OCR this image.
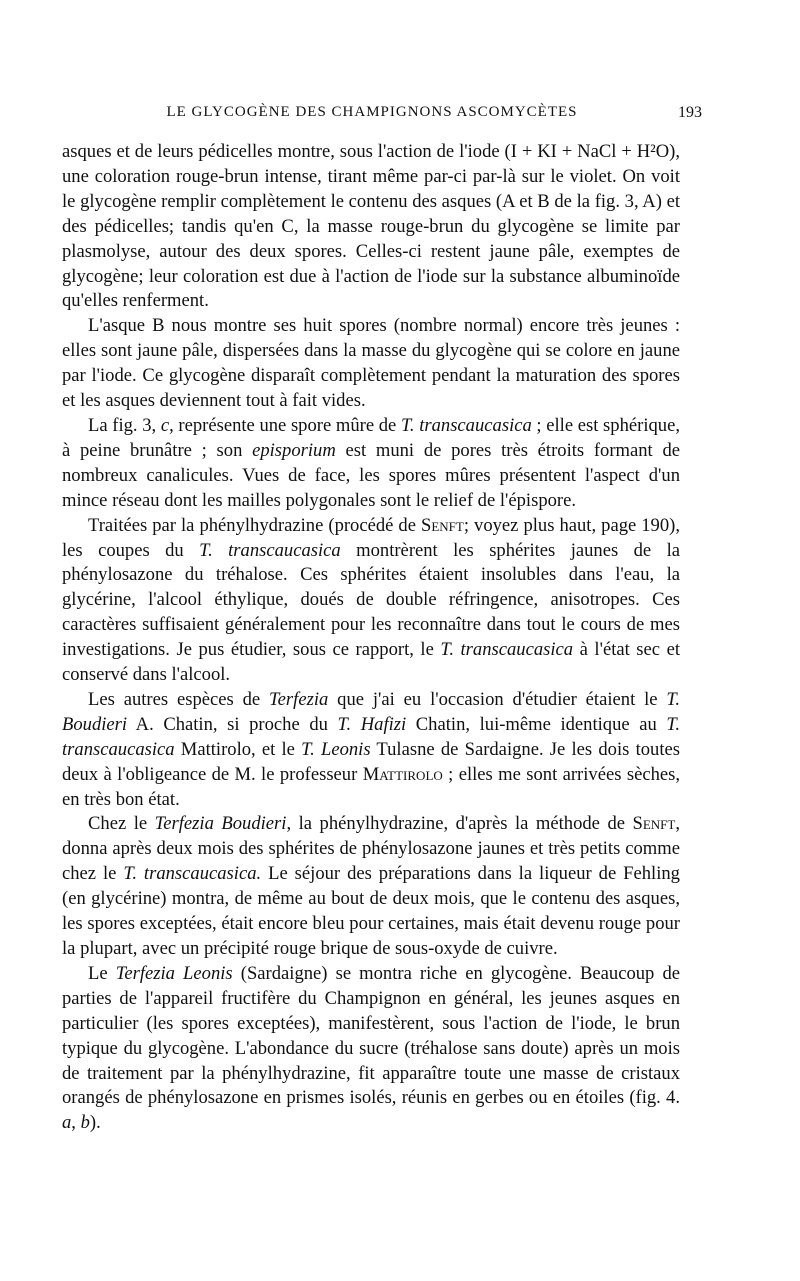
LE GLYCOGÈNE DES CHAMPIGNONS ASCOMYCÈTES	193

asques et de leurs pédicelles montre, sous l'action de l'iode (I + KI + NaCl + H²O), une coloration rouge-brun intense, tirant même par-ci par-là sur le violet. On voit le glycogène remplir complètement le contenu des asques (A et B de la fig. 3, A) et des pédicelles; tandis qu'en C, la masse rouge-brun du glycogène se limite par plasmolyse, autour des deux spores. Celles-ci restent jaune pâle, exemptes de glycogène; leur coloration est due à l'action de l'iode sur la substance albuminoïde qu'elles renferment.

L'asque B nous montre ses huit spores (nombre normal) encore très jeunes : elles sont jaune pâle, dispersées dans la masse du glycogène qui se colore en jaune par l'iode. Ce glycogène disparaît complètement pendant la maturation des spores et les asques deviennent tout à fait vides.

La fig. 3, c, représente une spore mûre de T. transcaucasica ; elle est sphérique, à peine brunâtre ; son episporium est muni de pores très étroits formant de nombreux canalicules. Vues de face, les spores mûres présentent l'aspect d'un mince réseau dont les mailles polygonales sont le relief de l'épispore.

Traitées par la phénylhydrazine (procédé de Senft; voyez plus haut, page 190), les coupes du T. transcaucasica montrèrent les sphérites jaunes de la phénylosazone du tréhalose. Ces sphérites étaient insolubles dans l'eau, la glycérine, l'alcool éthylique, doués de double réfringence, anisotropes. Ces caractères suffisaient généralement pour les reconnaître dans tout le cours de mes investigations. Je pus étudier, sous ce rapport, le T. transcaucasica à l'état sec et conservé dans l'alcool.

Les autres espèces de Terfezia que j'ai eu l'occasion d'étudier étaient le T. Boudieri A. Chatin, si proche du T. Hafizi Chatin, lui-même identique au T. transcaucasica Mattirolo, et le T. Leonis Tulasne de Sardaigne. Je les dois toutes deux à l'obligeance de M. le professeur Mattirolo ; elles me sont arrivées sèches, en très bon état.

Chez le Terfezia Boudieri, la phénylhydrazine, d'après la méthode de Senft, donna après deux mois des sphérites de phénylosazone jaunes et très petits comme chez le T. transcaucasica. Le séjour des préparations dans la liqueur de Fehling (en glycérine) montra, de même au bout de deux mois, que le contenu des asques, les spores exceptées, était encore bleu pour certaines, mais était devenu rouge pour la plupart, avec un précipité rouge brique de sous-oxyde de cuivre.

Le Terfezia Leonis (Sardaigne) se montra riche en glycogène. Beaucoup de parties de l'appareil fructifère du Champignon en général, les jeunes asques en particulier (les spores exceptées), manifestèrent, sous l'action de l'iode, le brun typique du glycogène. L'abondance du sucre (tréhalose sans doute) après un mois de traitement par la phénylhydrazine, fit apparaître toute une masse de cristaux orangés de phénylosazone en prismes isolés, réunis en gerbes ou en étoiles (fig. 4. a, b).
